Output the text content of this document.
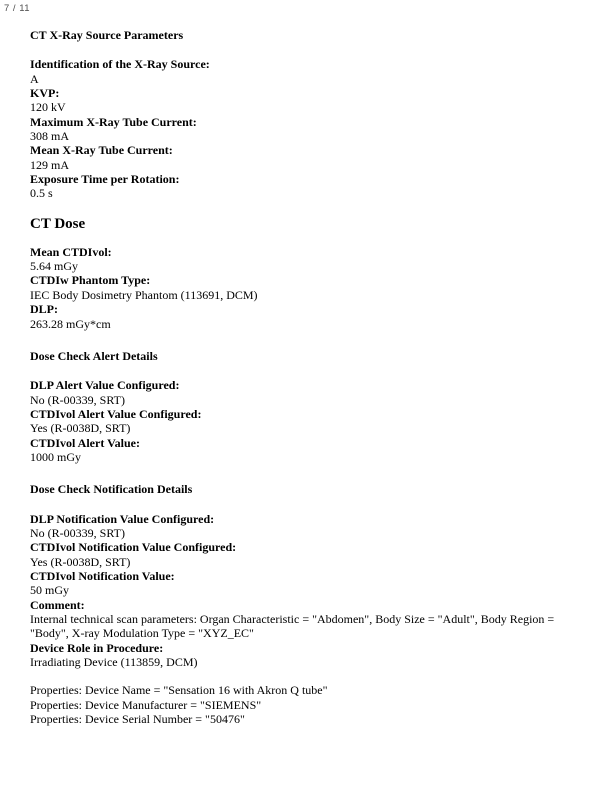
7 / 11
CT X-Ray Source Parameters
Identification of the X-Ray Source:
A
KVP:
120 kV
Maximum X-Ray Tube Current:
308 mA
Mean X-Ray Tube Current:
129 mA
Exposure Time per Rotation:
0.5 s
CT Dose
Mean CTDIvol:
5.64 mGy
CTDIw Phantom Type:
IEC Body Dosimetry Phantom (113691, DCM)
DLP:
263.28 mGy*cm
Dose Check Alert Details
DLP Alert Value Configured:
No (R-00339, SRT)
CTDIvol Alert Value Configured:
Yes (R-0038D, SRT)
CTDIvol Alert Value:
1000 mGy
Dose Check Notification Details
DLP Notification Value Configured:
No (R-00339, SRT)
CTDIvol Notification Value Configured:
Yes (R-0038D, SRT)
CTDIvol Notification Value:
50 mGy
Comment:
Internal technical scan parameters: Organ Characteristic = "Abdomen", Body Size = "Adult", Body Region = "Body", X-ray Modulation Type = "XYZ_EC"
Device Role in Procedure:
Irradiating Device (113859, DCM)
Properties: Device Name = "Sensation 16 with Akron Q tube"
Properties: Device Manufacturer = "SIEMENS"
Properties: Device Serial Number = "50476"
